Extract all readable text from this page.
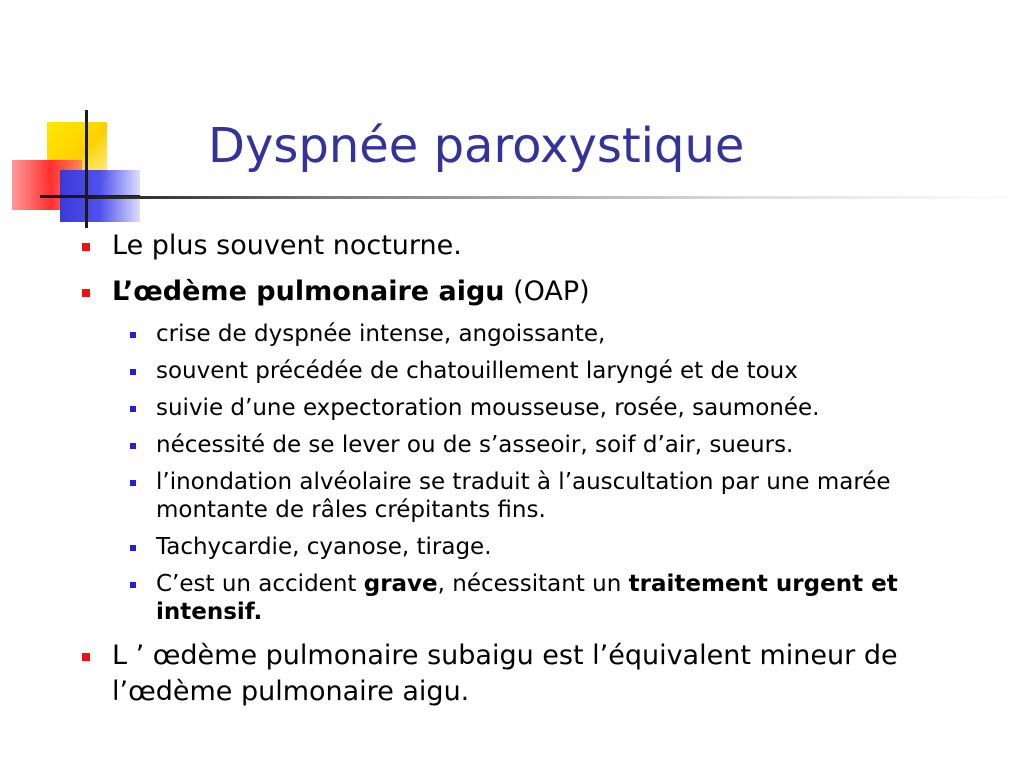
Dyspnée paroxystique
Le plus souvent nocturne.
L’œdème pulmonaire aigu (OAP)
crise de dyspnée intense, angoissante,
souvent précédée de chatouillement laryngé et de toux
suivie d’une expectoration mousseuse, rosée, saumonée.
nécessité de se lever ou de s’asseoir, soif d’air, sueurs.
l’inondation alvéolaire se traduit à l’auscultation par une marée montante de râles crépitants fins.
Tachycardie, cyanose, tirage.
C’est un accident grave, nécessitant un traitement urgent et intensif.
L ’ œdème pulmonaire subaigu est l’équivalent mineur de l’œdème pulmonaire aigu.
